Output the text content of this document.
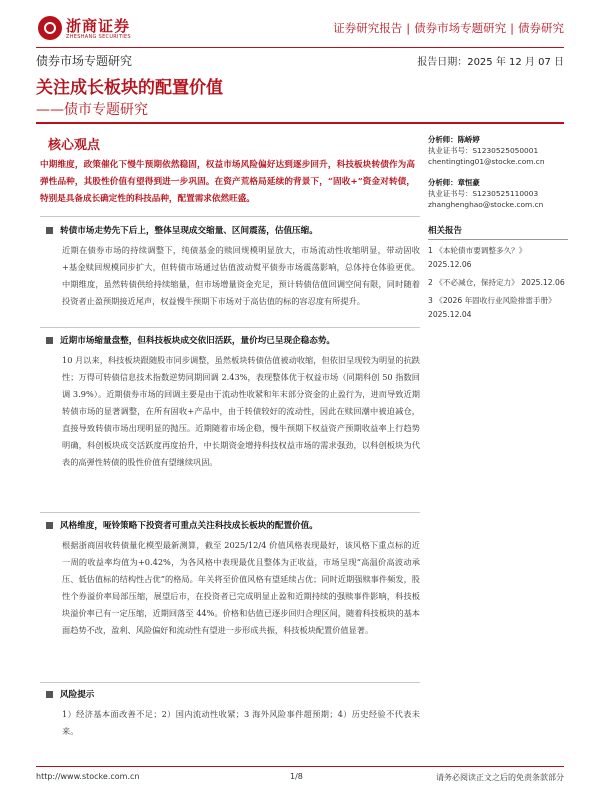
浙商证券
ZHESHANG SECURITIES
证券研究报告 | 债券市场专题研究 | 债券研究
债券市场专题研究	报告日期：2025 年 12 月 07 日
关注成长板块的配置价值
——债市专题研究
核心观点
中期维度，政策催化下慢牛预期依然稳固，权益市场风险偏好达到逐步回升，科技板块转债作为高弹性品种，其股性价值有望得到进一步巩固。在资产荒格局延续的背景下，“固收+”资金对转债，特别是具备成长确定性的科技品种，配置需求依然旺盛。
转债市场走势先下后上，整体呈现成交缩量、区间震荡，估值压缩。
近期在债券市场的持续调整下，纯债基金的赎回规模明显放大，市场流动性收缩明显，带动固收+基金赎回规模同步扩大，但转债市场通过估值波动熨平债券市场震荡影响，总体持仓体验更优。中期维度，虽然转债供给持续缩量，但市场增量资金充足，预计转债估值回调空间有限，同时随着投资者止盈预期接近尾声，权益慢牛预期下市场对于高估值的标的容忍度有所提升。
近期市场缩量盘整，但科技板块成交依旧活跃，量价均已呈现企稳态势。
10 月以来，科技板块跟随股市同步调整，虽然板块转债估值被动收缩，但依旧呈现较为明显的抗跌性；万得可转债信息技术指数逆势同期回调 2.43%，表现整体优于权益市场（同期科创 50 指数回调 3.9%）。近期债券市场的回调主要是由于流动性收紧和年末部分资金的止盈行为，进而导致近期转债市场的显著调整，在所有固收+产品中，由于转债较好的流动性，因此在赎回潮中被迫减仓，直接导致转债市场出现明显的抛压。近期随着市场企稳，慢牛预期下权益资产预期收益率上行趋势明确，科创板块成交活跃度再度抬升，中长期资金增持科技权益市场的需求强劲，以科创板块为代表的高弹性转债的股性价值有望继续巩固。
风格维度，哑铃策略下投资者可重点关注科技成长板块的配置价值。
根据浙商固收转债量化模型最新测算，截至 2025/12/4 价值风格表现最好，该风格下重点标的近一周的收益率均值为+0.42%，为各风格中表现最优且整体为正收益，市场呈现“高温价高波动承压、低估值标的结构性占优”的格局。年关将至价值风格有望延续占优；同时近期强赎事件频发，股性个券溢价率局部压缩，展望后市，在投资者已完成明显止盈和近期持续的强赎事件影响，科技板块溢价率已有一定压缩，近期回落至 44%。价格和估值已逐步回归合理区间，随着科技板块的基本面趋势不改，盈利、风险偏好和流动性有望进一步形成共振，科技板块配置价值显著。
风险提示
1）经济基本面改善不足；2）国内流动性收紧；3 海外风险事件超预期；4）历史经验不代表未来。
分析师：陈峤婷
执业证书号：S1230525050001
chentingting01@stocke.com.cn
分析师：章恒豪
执业证书号：S1230525110003
zhanghenghao@stocke.com.cn
相关报告
1 《本轮债市要调整多久？》 2025.12.06
2 《不必减仓，保持定力》 2025.12.06
3 《2026 年固收行业风险排雷手册》 2025.12.04
http://www.stocke.com.cn	1/8	请务必阅读正文之后的免责条款部分
